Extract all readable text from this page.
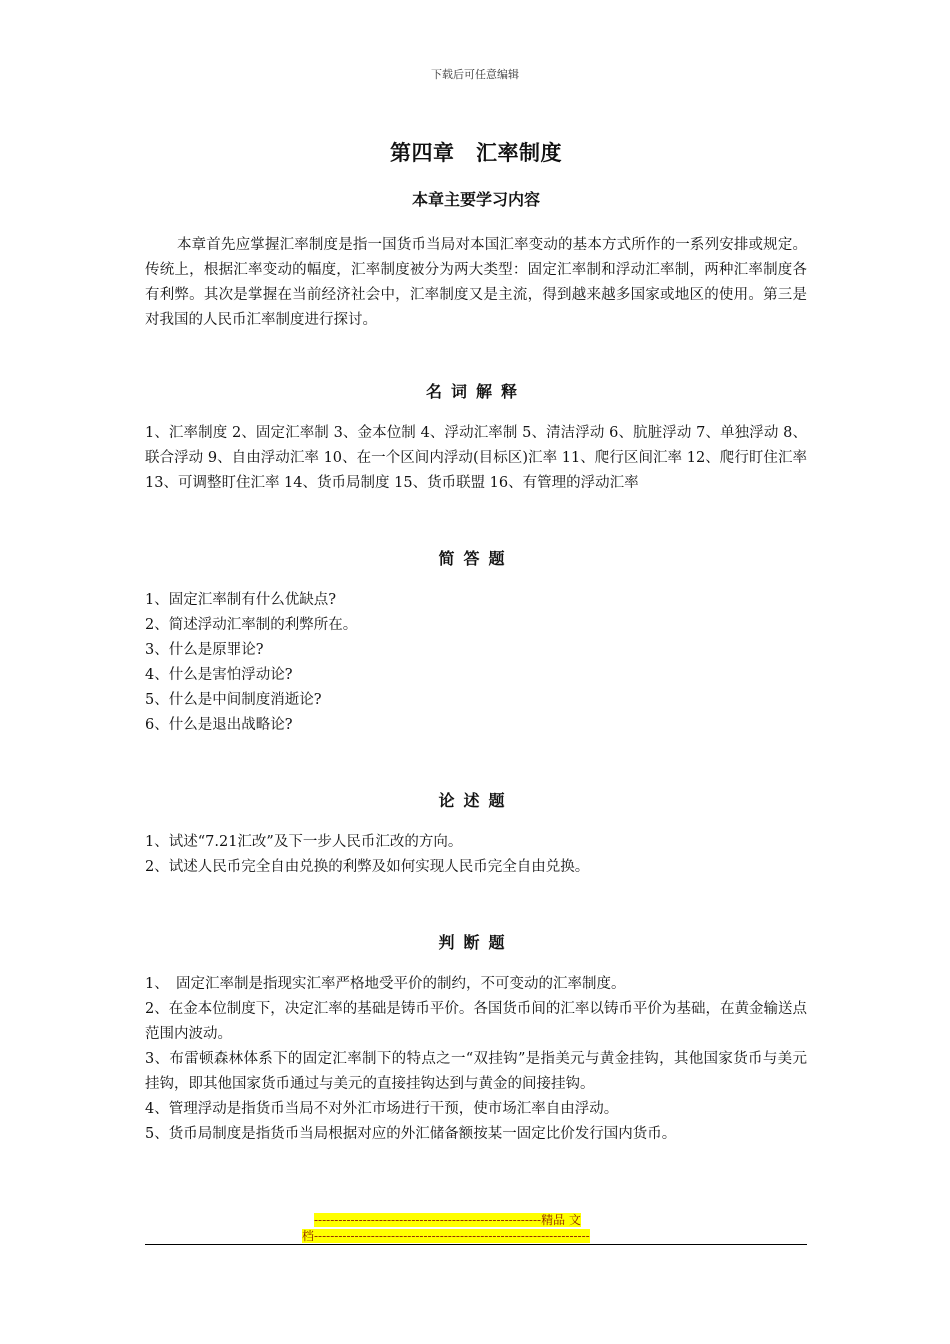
下载后可任意编辑
第四章　汇率制度
本章主要学习内容

本章首先应掌握汇率制度是指一国货币当局对本国汇率变动的基本方式所作的一系列安排或规定。传统上，根据汇率变动的幅度，汇率制度被分为两大类型：固定汇率制和浮动汇率制，两种汇率制度各有利弊。其次是掌握在当前经济社会中，汇率制度又是主流，得到越来越多国家或地区的使用。第三是对我国的人民币汇率制度进行探讨。

名词解释

1、汇率制度 2、固定汇率制 3、金本位制 4、浮动汇率制 5、清洁浮动 6、肮脏浮动 7、单独浮动 8、联合浮动 9、自由浮动汇率 10、在一个区间内浮动(目标区)汇率 11、爬行区间汇率 12、爬行盯住汇率 13、可调整盯住汇率 14、货币局制度 15、货币联盟 16、有管理的浮动汇率

简答题
1、固定汇率制有什么优缺点?
2、简述浮动汇率制的利弊所在。
3、什么是原罪论?
4、什么是害怕浮动论?
5、什么是中间制度消逝论?
6、什么是退出战略论?
论述题
1、试述“7.21汇改”及下一步人民币汇改的方向。
2、试述人民币完全自由兑换的利弊及如何实现人民币完全自由兑换。
判断题
1、　固定汇率制是指现实汇率严格地受平价的制约，不可变动的汇率制度。
2、在金本位制度下，决定汇率的基础是铸币平价。各国货币间的汇率以铸币平价为基础，在黄金输送点范围内波动。
3、布雷顿森林体系下的固定汇率制下的特点之一“双挂钩”是指美元与黄金挂钩，其他国家货币与美元挂钩，即其他国家货币通过与美元的直接挂钩达到与黄金的间接挂钩。
4、管理浮动是指货币当局不对外汇市场进行干预，使市场汇率自由浮动。
5、货币局制度是指货币当局根据对应的外汇储备额按某一固定比价发行国内货币。
--------------------------------------------------------精品 文
档--------------------------------------------------------------------
